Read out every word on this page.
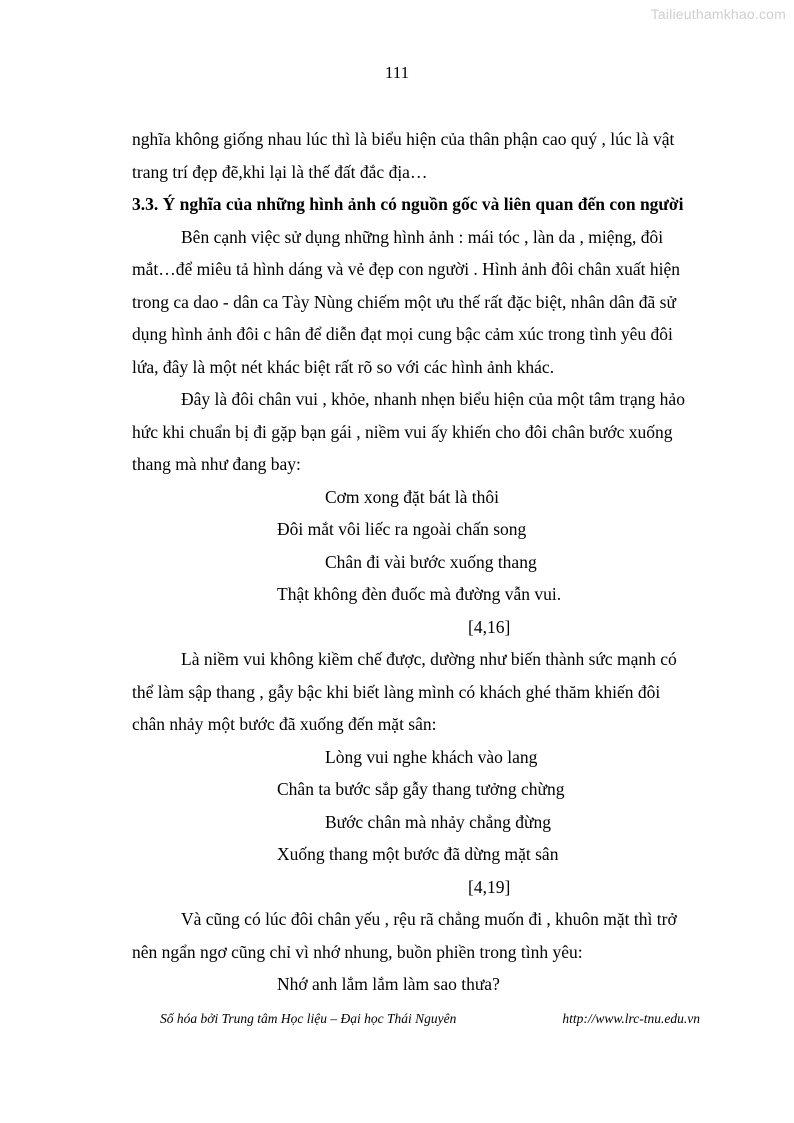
Tailieuthamkhao.com
111

nghĩa không giống nhau lúc thì là biểu hiện của thân phận cao quý , lúc là vật

trang trí đẹp đẽ,khi lại là thế đất đắc địa…

3.3. Ý nghĩa của những hình ảnh có nguồn gốc và liên quan đến con người

Bên cạnh việc sử dụng những hình ảnh : mái tóc , làn da , miệng, đôi

mắt…để miêu tả hình dáng và vẻ đẹp con người . Hình ảnh đôi chân xuất hiện

trong ca dao - dân ca Tày Nùng chiếm một ưu thế rất đặc biệt, nhân dân đã sử

dụng hình ảnh đôi c hân để diễn đạt mọi cung bậc cảm xúc trong tình yêu đôi

lứa, đây là một nét khác biệt rất rõ so với các hình ảnh khác.

Đây là đôi chân vui , khỏe, nhanh nhẹn biểu hiện của một tâm trạng hảo

hức khi chuẩn bị đi gặp bạn gái , niềm vui ấy khiến cho đôi chân bước xuống

thang mà như đang bay:

Cơm xong đặt bát là thôi

Đôi mắt vôi liếc ra ngoài chấn song

Chân đi vài bước xuống thang

Thật không đèn đuốc mà đường vẫn vui.

[4,16]

Là niềm vui không kiềm chế được, dường như biến thành sức mạnh có

thể làm sập thang , gẫy bậc khi biết làng mình có khách ghé thăm khiến đôi

chân nhảy một bước đã xuống đến mặt sân:

Lòng vui nghe khách vào lang

Chân ta bước sắp gẫy thang tưởng chừng

Bước chân mà nhảy chẳng đừng

Xuống thang một bước đã dừng mặt sân

[4,19]

Và cũng có lúc đôi chân yếu , rệu rã chẳng muốn đi , khuôn mặt thì trở

nên ngẩn ngơ cũng chỉ vì nhớ nhung, buồn phiền trong tình yêu:

Nhớ anh lắm lắm làm sao thưa?

Số hóa bởi Trung tâm Học liệu – Đại học Thái Nguyên	http://www.lrc-tnu.edu.vn
